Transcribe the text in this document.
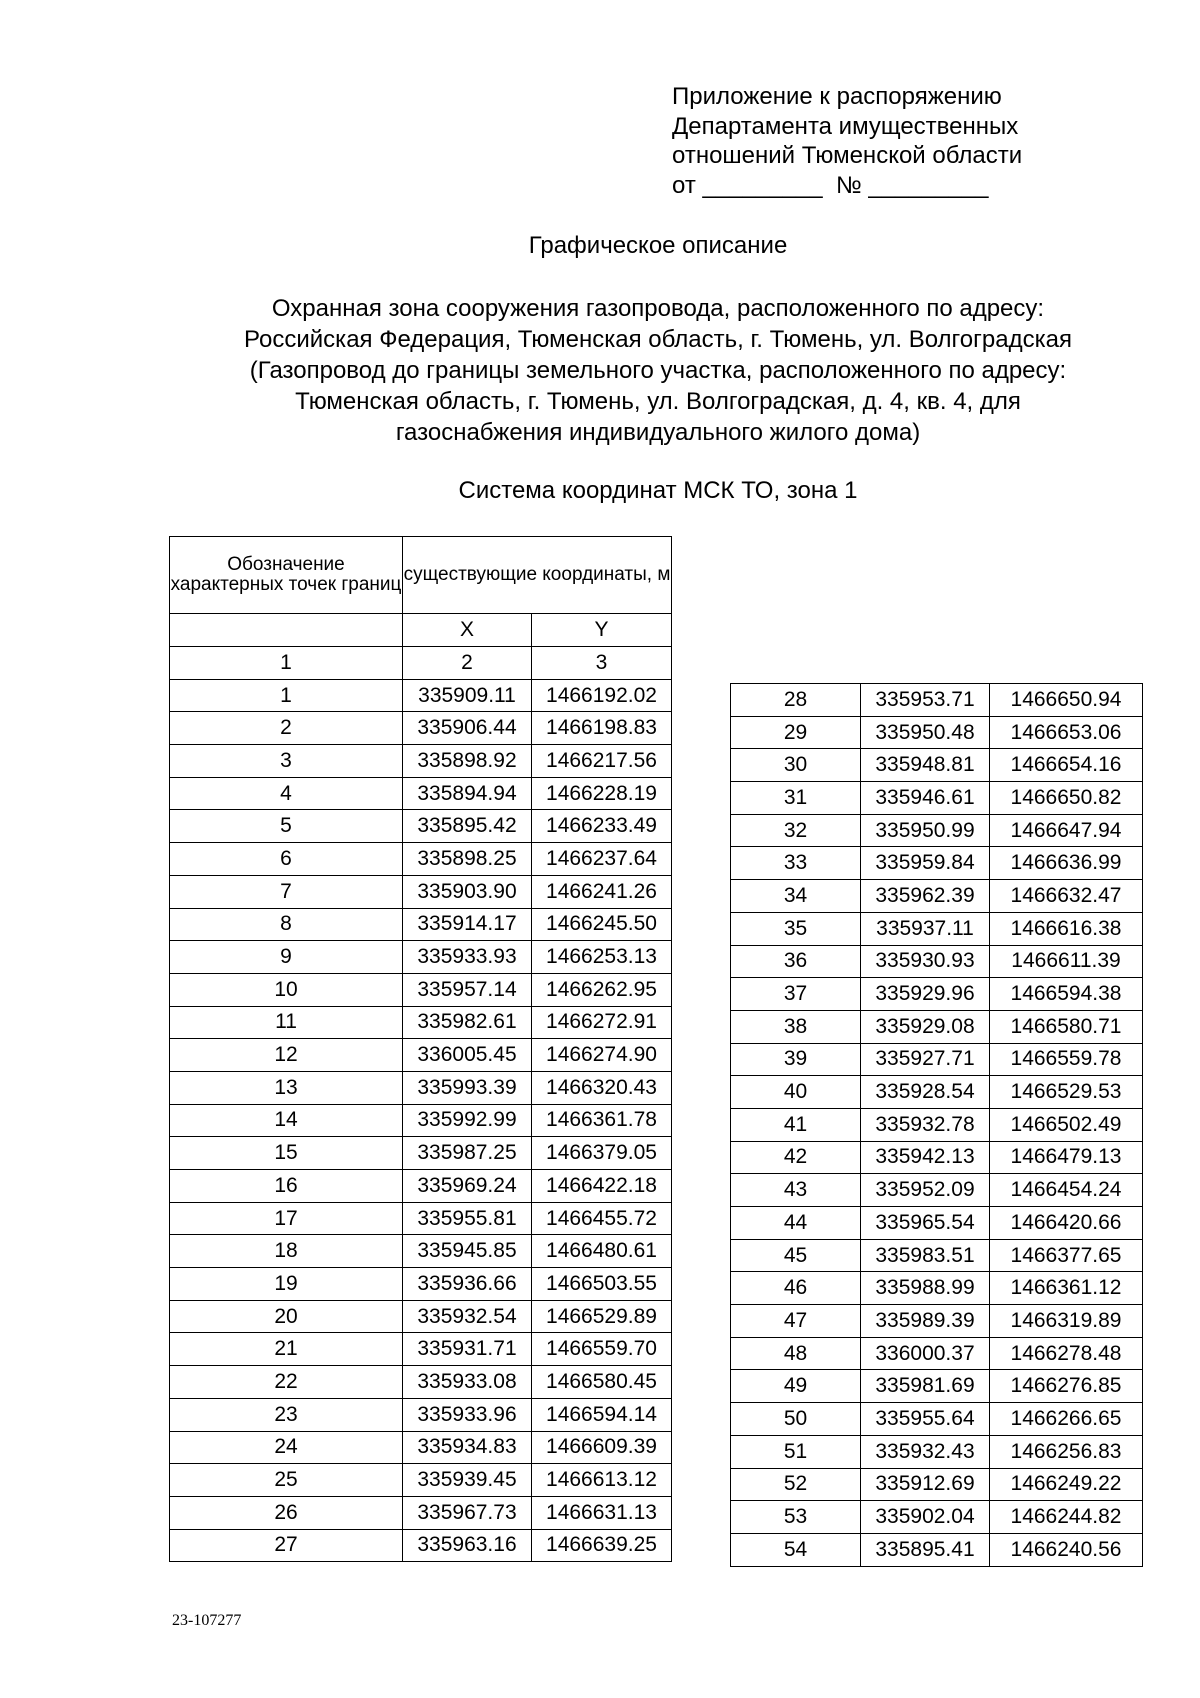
Приложение к распоряжению
Департамента имущественных
отношений Тюменской области
от _________  № _________
Графическое описание
Охранная зона сооружения газопровода, расположенного по адресу:
Российская Федерация, Тюменская область, г. Тюмень, ул. Волгоградская
(Газопровод до границы земельного участка, расположенного по адресу:
Тюменская область, г. Тюмень, ул. Волгоградская, д. 4, кв. 4, для
газоснабжения индивидуального жилого дома)
Система координат МСК ТО, зона 1
Обозначение характерных точек границ	существующие координаты, м	
	X	Y
1	2	3
1	335909.11	1466192.02
2	335906.44	1466198.83
3	335898.92	1466217.56
4	335894.94	1466228.19
5	335895.42	1466233.49
6	335898.25	1466237.64
7	335903.90	1466241.26
8	335914.17	1466245.50
9	335933.93	1466253.13
10	335957.14	1466262.95
11	335982.61	1466272.91
12	336005.45	1466274.90
13	335993.39	1466320.43
14	335992.99	1466361.78
15	335987.25	1466379.05
16	335969.24	1466422.18
17	335955.81	1466455.72
18	335945.85	1466480.61
19	335936.66	1466503.55
20	335932.54	1466529.89
21	335931.71	1466559.70
22	335933.08	1466580.45
23	335933.96	1466594.14
24	335934.83	1466609.39
25	335939.45	1466613.12
26	335967.73	1466631.13
27	335963.16	1466639.25
28	335953.71	1466650.94
29	335950.48	1466653.06
30	335948.81	1466654.16
31	335946.61	1466650.82
32	335950.99	1466647.94
33	335959.84	1466636.99
34	335962.39	1466632.47
35	335937.11	1466616.38
36	335930.93	1466611.39
37	335929.96	1466594.38
38	335929.08	1466580.71
39	335927.71	1466559.78
40	335928.54	1466529.53
41	335932.78	1466502.49
42	335942.13	1466479.13
43	335952.09	1466454.24
44	335965.54	1466420.66
45	335983.51	1466377.65
46	335988.99	1466361.12
47	335989.39	1466319.89
48	336000.37	1466278.48
49	335981.69	1466276.85
50	335955.64	1466266.65
51	335932.43	1466256.83
52	335912.69	1466249.22
53	335902.04	1466244.82
54	335895.41	1466240.56
23-107277
